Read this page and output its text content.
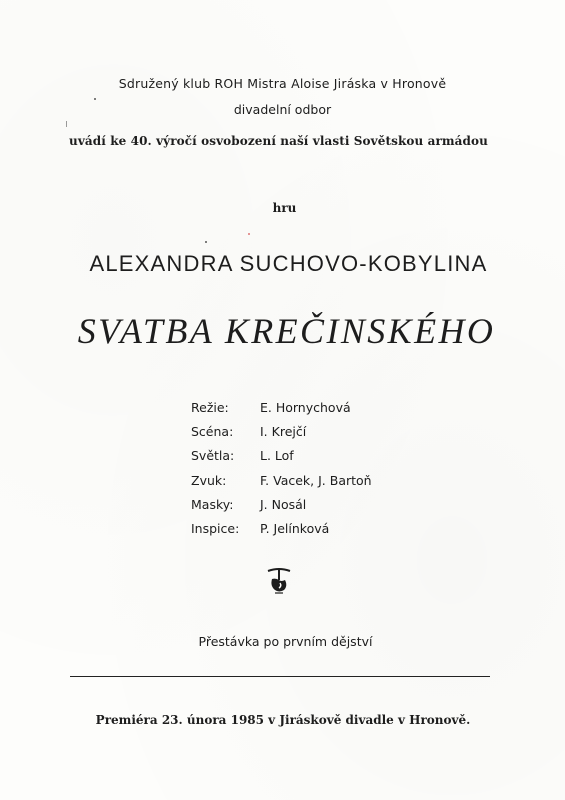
Sdružený klub ROH Mistra Aloise Jiráska v Hronově
divadelní odbor
uvádí ke 40. výročí osvobození naší vlasti Sovětskou armádou
hru
ALEXANDRA SUCHOVO-KOBYLINA
SVATBA KREČINSKÉHO
Režie: E. Hornychová
Scéna: I. Krejčí
Světla: L. Lof
Zvuk:	F. Vacek, J. Bartoň
Masky: J. Nosál
Inspice: P. Jelínková
Přestávka po prvním dějství
Premiéra 23. února 1985 v Jiráskově divadle v Hronově.
